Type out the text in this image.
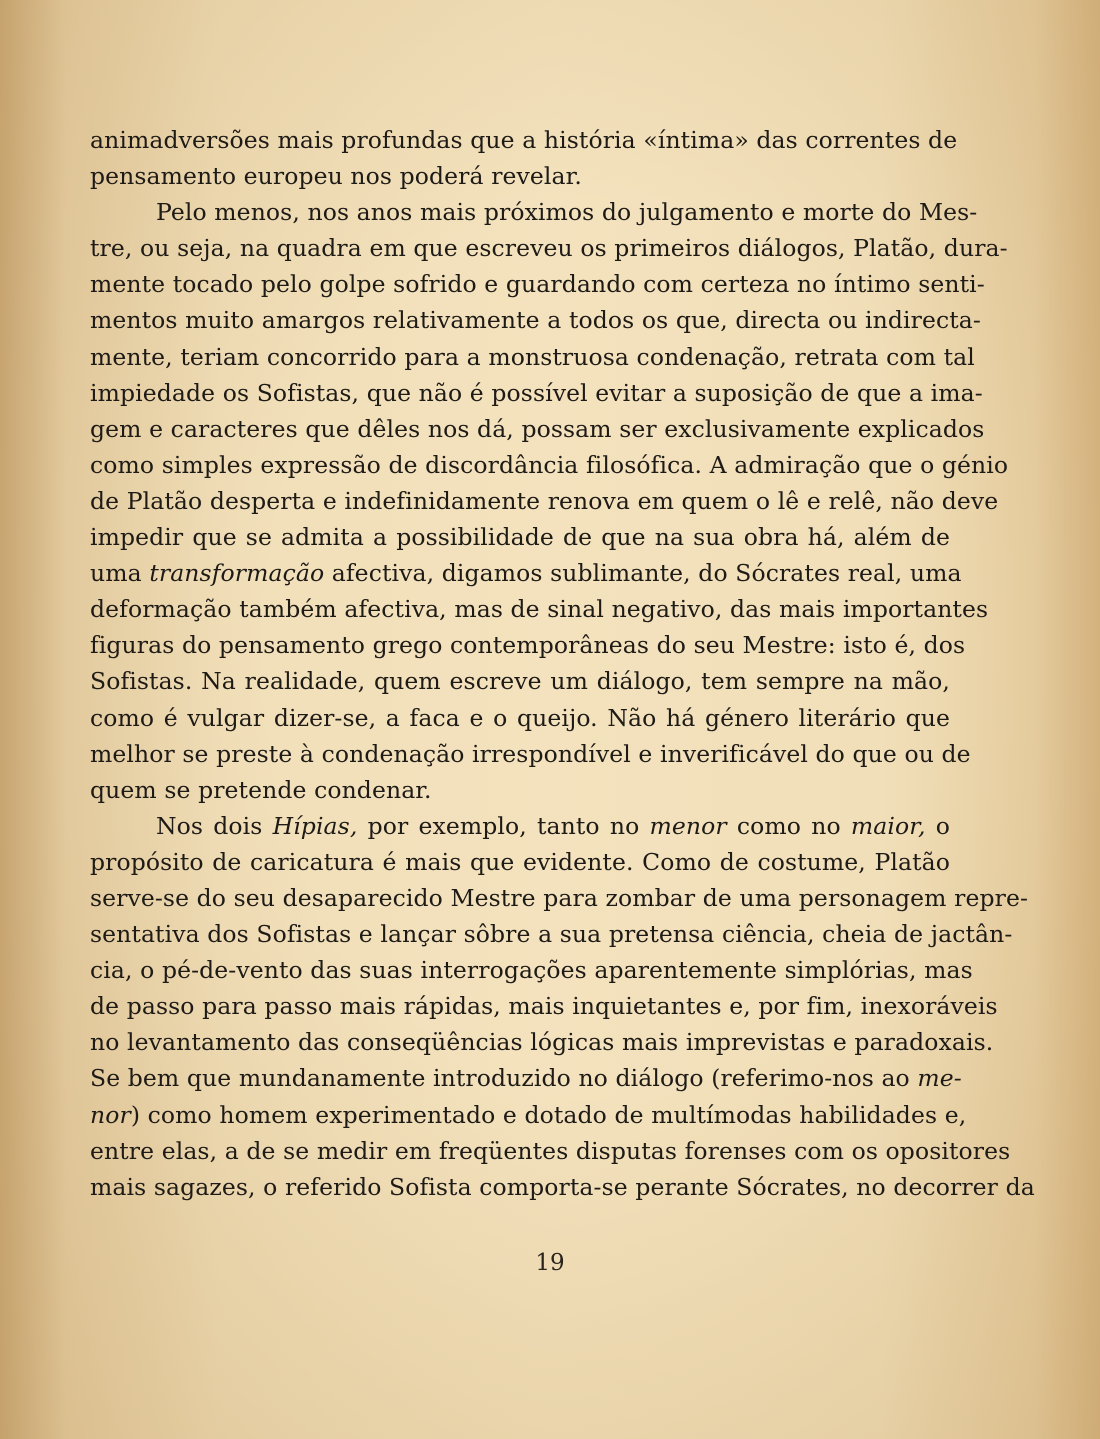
animadversões mais profundas que a história «íntima» das correntes de
pensamento europeu nos poderá revelar.
Pelo menos, nos anos mais próximos do julgamento e morte do Mes-
tre, ou seja, na quadra em que escreveu os primeiros diálogos, Platão, dura-
mente tocado pelo golpe sofrido e guardando com certeza no íntimo senti-
mentos muito amargos relativamente a todos os que, directa ou indirecta-
mente, teriam concorrido para a monstruosa condenação, retrata com tal
impiedade os Sofistas, que não é possível evitar a suposição de que a ima-
gem e caracteres que dêles nos dá, possam ser exclusivamente explicados
como simples expressão de discordância filosófica. A admiração que o génio
de Platão desperta e indefinidamente renova em quem o lê e relê, não deve
impedir que se admita a possibilidade de que na sua obra há, além de
uma transformação afectiva, digamos sublimante, do Sócrates real, uma
deformação também afectiva, mas de sinal negativo, das mais importantes
figuras do pensamento grego contemporâneas do seu Mestre: isto é, dos
Sofistas. Na realidade, quem escreve um diálogo, tem sempre na mão,
como é vulgar dizer-se, a faca e o queijo. Não há género literário que
melhor se preste à condenação irrespondível e inverificável do que ou de
quem se pretende condenar.
Nos dois Hípias, por exemplo, tanto no menor como no maior, o
propósito de caricatura é mais que evidente. Como de costume, Platão
serve-se do seu desaparecido Mestre para zombar de uma personagem repre-
sentativa dos Sofistas e lançar sôbre a sua pretensa ciência, cheia de jactân-
cia, o pé-de-vento das suas interrogações aparentemente simplórias, mas
de passo para passo mais rápidas, mais inquietantes e, por fim, inexoráveis
no levantamento das conseqüências lógicas mais imprevistas e paradoxais.
Se bem que mundanamente introduzido no diálogo (referimo-nos ao me-
nor) como homem experimentado e dotado de multímodas habilidades e,
entre elas, a de se medir em freqüentes disputas forenses com os opositores
mais sagazes, o referido Sofista comporta-se perante Sócrates, no decorrer da
19
